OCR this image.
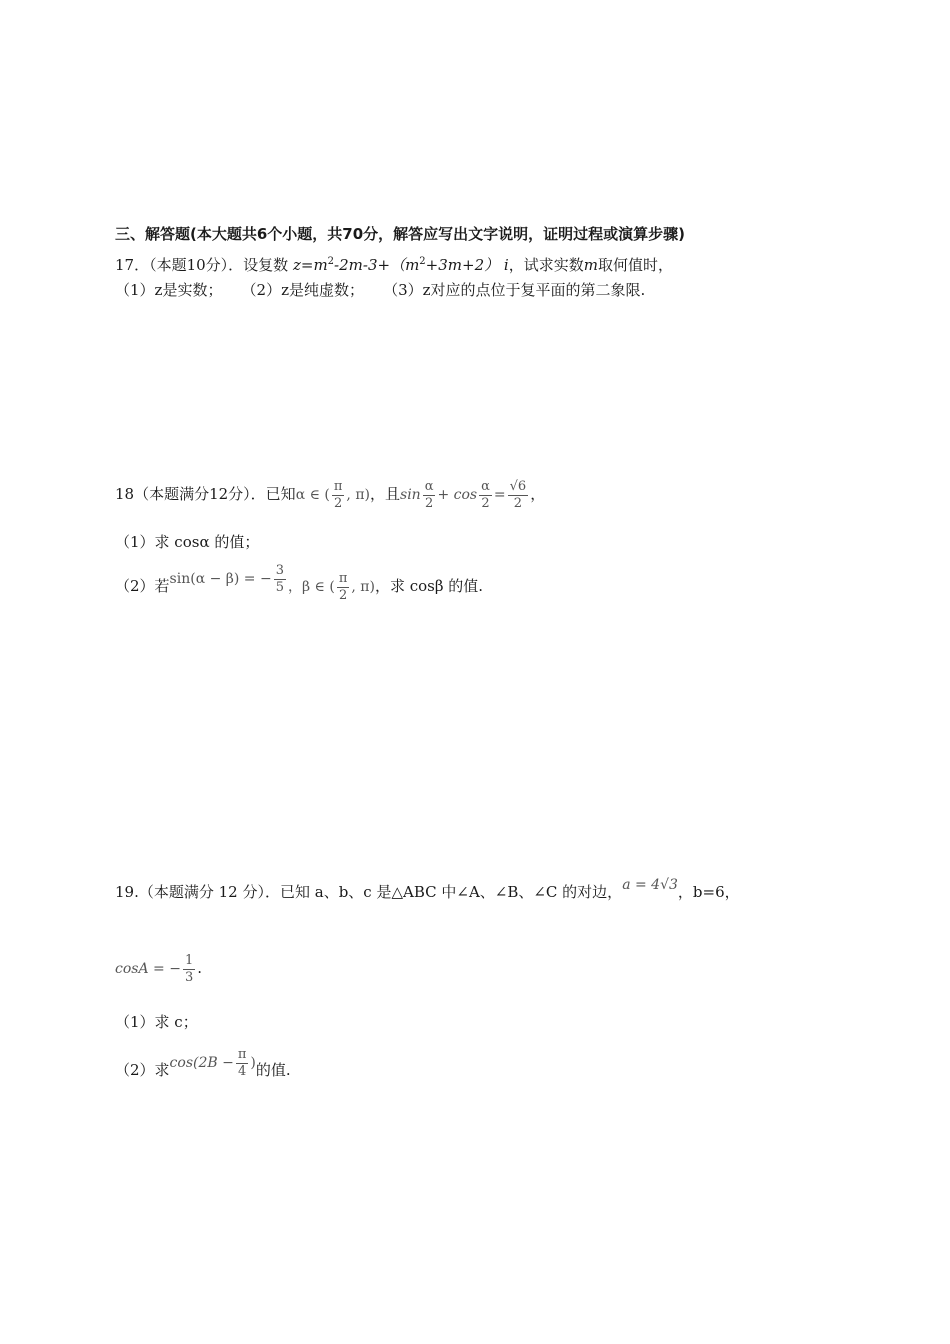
三、解答题(本大题共6个小题，共70分，解答应写出文字说明，证明过程或演算步骤)
17．（本题10分）．设复数 $z=m^2-2m-3+(m^2+3m+2)$ i，试求实数m取何值时，
（1）z是实数； （2）z是纯虚数； （3）z对应的点位于复平面的第二象限.
18（本题满分12分）．已知α ∈ ( $\frac{\pi}{2}$ , π)，且$\sin \frac{\alpha}{2} + \cos \frac{\alpha}{2} = \frac{√6}{2}$ ，
（1）求 cosα 的值；
（2）若sin(α − β) = − $\frac{3}{5}$ ，β ∈ ( $\frac{\pi}{2}$ , π)，求 cosβ 的值.
19.（本题满分 12 分）．已知 a、b、c 是△ABC 中∠A、∠B、∠C 的对边，a = 4√3，b=6，
cosA = − $\frac{1}{3}$ .
（1）求 c；
（2）求$\cos(2B - \frac{\pi}{4}$ )的值.
